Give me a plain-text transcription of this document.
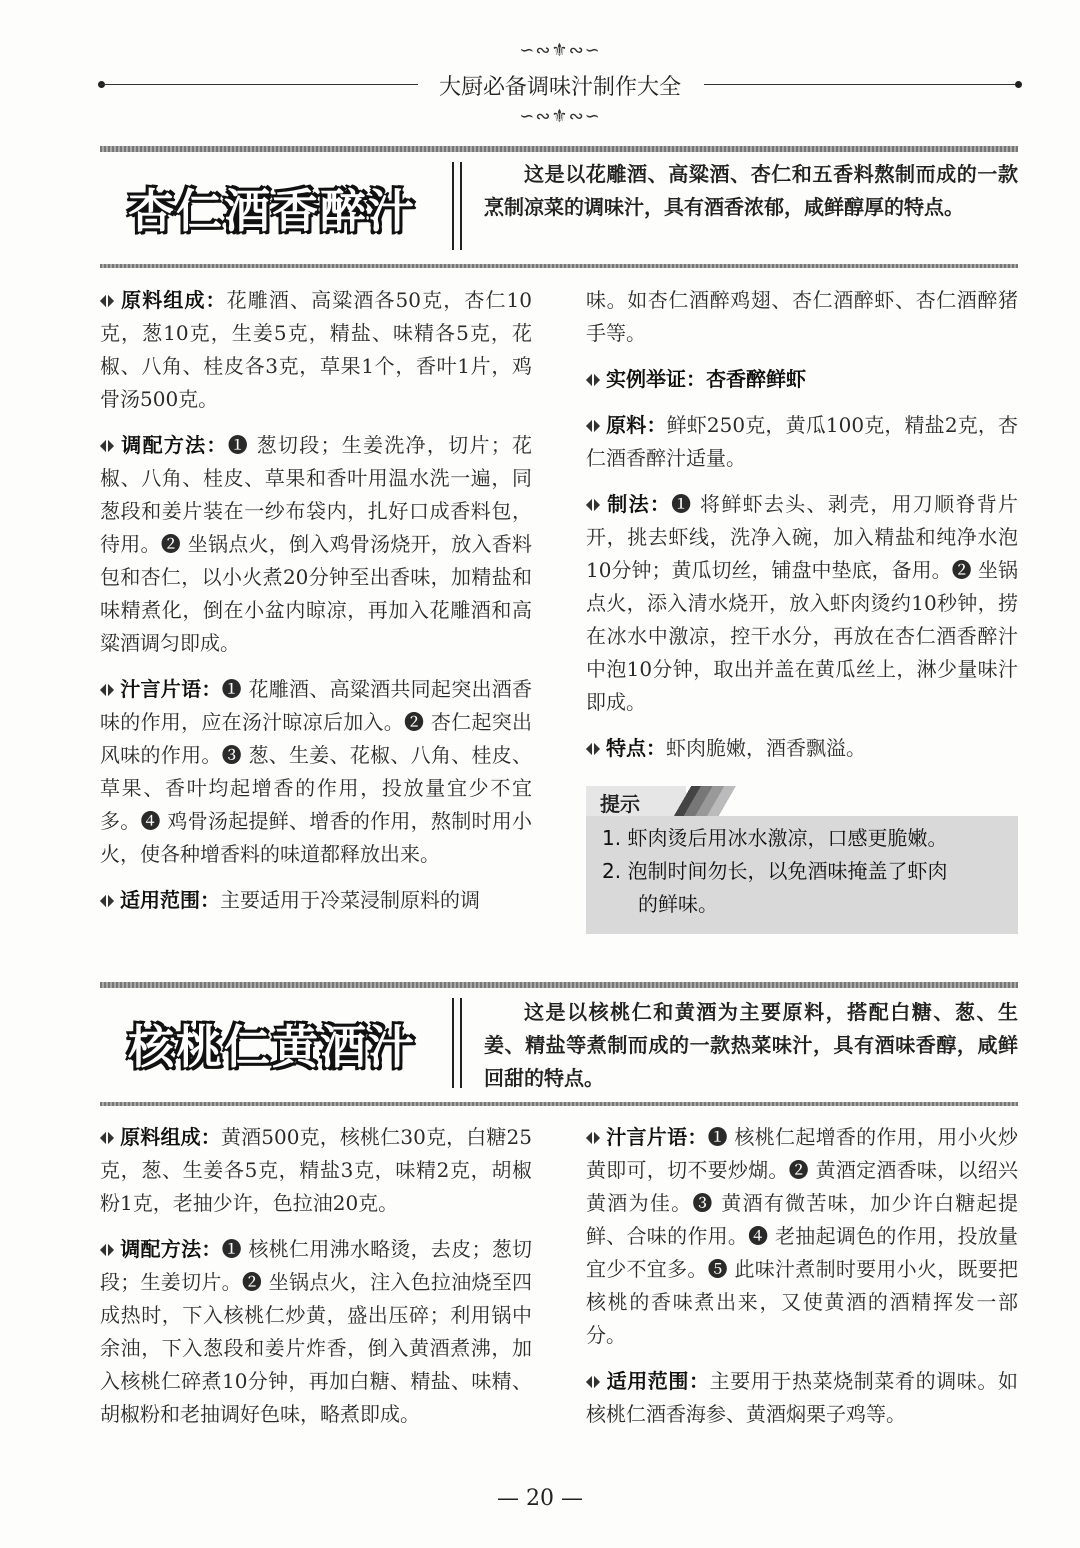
∽∾⚜∾∽
大厨必备调味汁制作大全
∽∾⚜∾∽
杏仁酒香醉汁
这是以花雕酒、高粱酒、杏仁和五香料熬制而成的一款烹制凉菜的调味汁，具有酒香浓郁，咸鲜醇厚的特点。

原料组成：花雕酒、高粱酒各50克，杏仁10克，葱10克，生姜5克，精盐、味精各5克，花椒、八角、桂皮各3克，草果1个，香叶1片，鸡骨汤500克。

调配方法：❶ 葱切段；生姜洗净，切片；花椒、八角、桂皮、草果和香叶用温水洗一遍，同葱段和姜片装在一纱布袋内，扎好口成香料包，待用。❷ 坐锅点火，倒入鸡骨汤烧开，放入香料包和杏仁，以小火煮20分钟至出香味，加精盐和味精煮化，倒在小盆内晾凉，再加入花雕酒和高粱酒调匀即成。

汁言片语：❶ 花雕酒、高粱酒共同起突出酒香味的作用，应在汤汁晾凉后加入。❷ 杏仁起突出风味的作用。❸ 葱、生姜、花椒、八角、桂皮、草果、香叶均起增香的作用，投放量宜少不宜多。❹ 鸡骨汤起提鲜、增香的作用，熬制时用小火，使各种增香料的味道都释放出来。

适用范围：主要适用于冷菜浸制原料的调

味。如杏仁酒醉鸡翅、杏仁酒醉虾、杏仁酒醉猪手等。

实例举证：杏香醉鲜虾

原料：鲜虾250克，黄瓜100克，精盐2克，杏仁酒香醉汁适量。

制法：❶ 将鲜虾去头、剥壳，用刀顺脊背片开，挑去虾线，洗净入碗，加入精盐和纯净水泡10分钟；黄瓜切丝，铺盘中垫底，备用。❷ 坐锅点火，添入清水烧开，放入虾肉烫约10秒钟，捞在冰水中激凉，控干水分，再放在杏仁酒香醉汁中泡10分钟，取出并盖在黄瓜丝上，淋少量味汁即成。

特点：虾肉脆嫩，酒香飘溢。

提示
1. 虾肉烫后用冰水激凉，口感更脆嫩。
2. 泡制时间勿长，以免酒味掩盖了虾肉
的鲜味。
核桃仁黄酒汁
这是以核桃仁和黄酒为主要原料，搭配白糖、葱、生姜、精盐等煮制而成的一款热菜味汁，具有酒味香醇，咸鲜回甜的特点。

原料组成：黄酒500克，核桃仁30克，白糖25克，葱、生姜各5克，精盐3克，味精2克，胡椒粉1克，老抽少许，色拉油20克。

调配方法：❶ 核桃仁用沸水略烫，去皮；葱切段；生姜切片。❷ 坐锅点火，注入色拉油烧至四成热时，下入核桃仁炒黄，盛出压碎；利用锅中余油，下入葱段和姜片炸香，倒入黄酒煮沸，加入核桃仁碎煮10分钟，再加白糖、精盐、味精、胡椒粉和老抽调好色味，略煮即成。

汁言片语：❶ 核桃仁起增香的作用，用小火炒黄即可，切不要炒煳。❷ 黄酒定酒香味，以绍兴黄酒为佳。❸ 黄酒有微苦味，加少许白糖起提鲜、合味的作用。❹ 老抽起调色的作用，投放量宜少不宜多。❺ 此味汁煮制时要用小火，既要把核桃的香味煮出来，又使黄酒的酒精挥发一部分。

适用范围：主要用于热菜烧制菜肴的调味。如核桃仁酒香海参、黄酒焖栗子鸡等。

— 20 —
